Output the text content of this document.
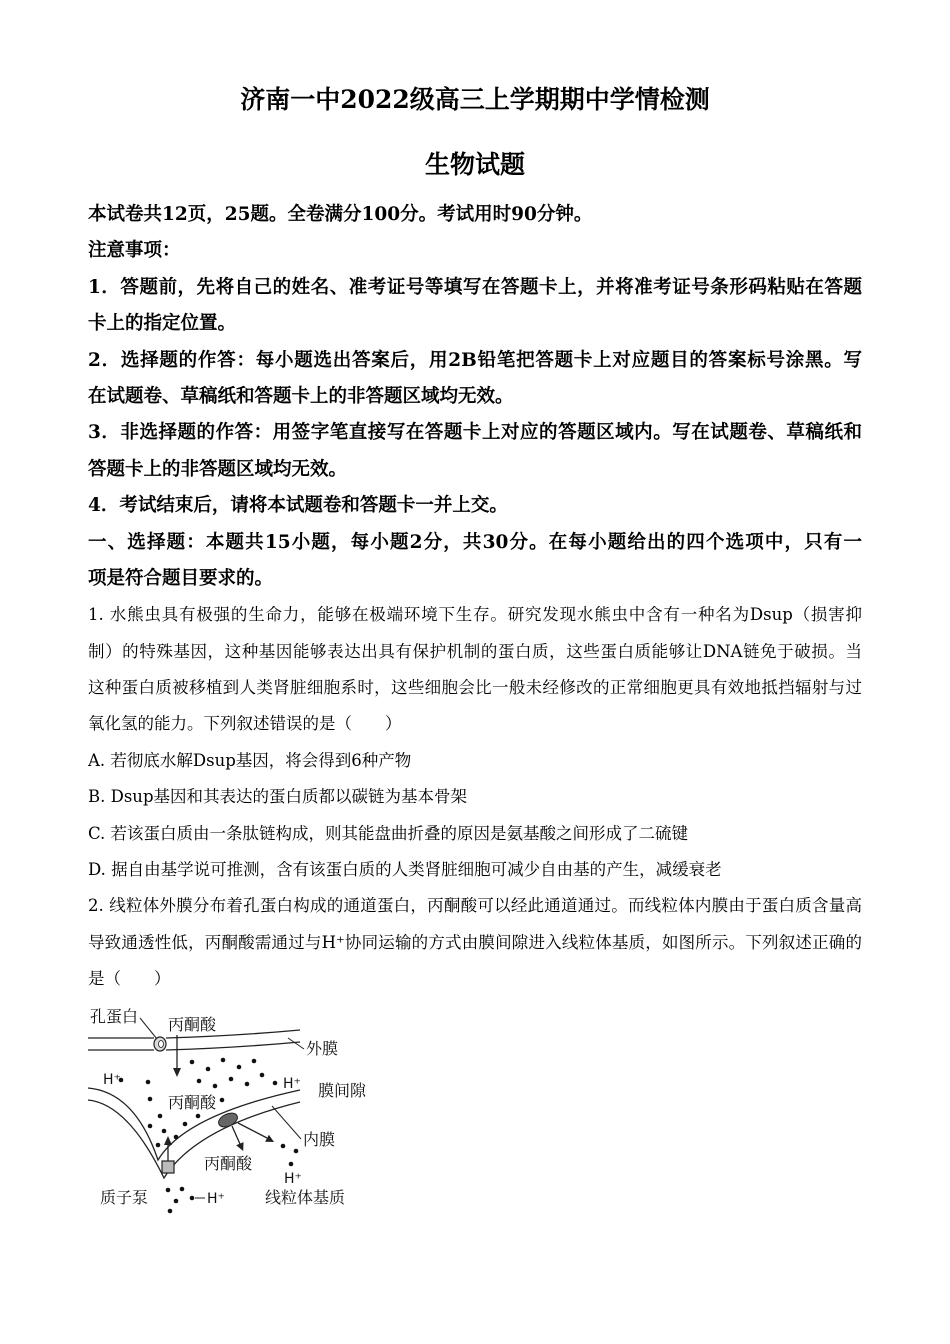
济南一中2022级高三上学期期中学情检测
生物试题
本试卷共12页，25题。全卷满分100分。考试用时90分钟。
注意事项：
1．答题前，先将自己的姓名、准考证号等填写在答题卡上，并将准考证号条形码粘贴在答题
卡上的指定位置。
2．选择题的作答：每小题选出答案后，用2B铅笔把答题卡上对应题目的答案标号涂黑。写
在试题卷、草稿纸和答题卡上的非答题区域均无效。
3．非选择题的作答：用签字笔直接写在答题卡上对应的答题区域内。写在试题卷、草稿纸和
答题卡上的非答题区域均无效。
4．考试结束后，请将本试题卷和答题卡一并上交。
一、选择题：本题共15小题，每小题2分，共30分。在每小题给出的四个选项中，只有一
项是符合题目要求的。
1. 水熊虫具有极强的生命力，能够在极端环境下生存。研究发现水熊虫中含有一种名为Dsup（损害抑
制）的特殊基因，这种基因能够表达出具有保护机制的蛋白质，这些蛋白质能够让DNA链免于破损。当
这种蛋白质被移植到人类肾脏细胞系时，这些细胞会比一般未经修改的正常细胞更具有效地抵挡辐射与过
氧化氢的能力。下列叙述错误的是（　　）
A. 若彻底水解Dsup基因，将会得到6种产物
B. Dsup基因和其表达的蛋白质都以碳链为基本骨架
C. 若该蛋白质由一条肽链构成，则其能盘曲折叠的原因是氨基酸之间形成了二硫键
D. 据自由基学说可推测，含有该蛋白质的人类肾脏细胞可减少自由基的产生，减缓衰老
2. 线粒体外膜分布着孔蛋白构成的通道蛋白，丙酮酸可以经此通道通过。而线粒体内膜由于蛋白质含量高
导致通透性低，丙酮酸需通过与H⁺协同运输的方式由膜间隙进入线粒体基质，如图所示。下列叙述正确的
是（　　）
孔蛋白 丙酮酸
外膜
H⁺ 膜间隙
H⁺
丙酮酸
内膜
丙酮酸
H⁺
质子泵	H⁺	线粒体基质
